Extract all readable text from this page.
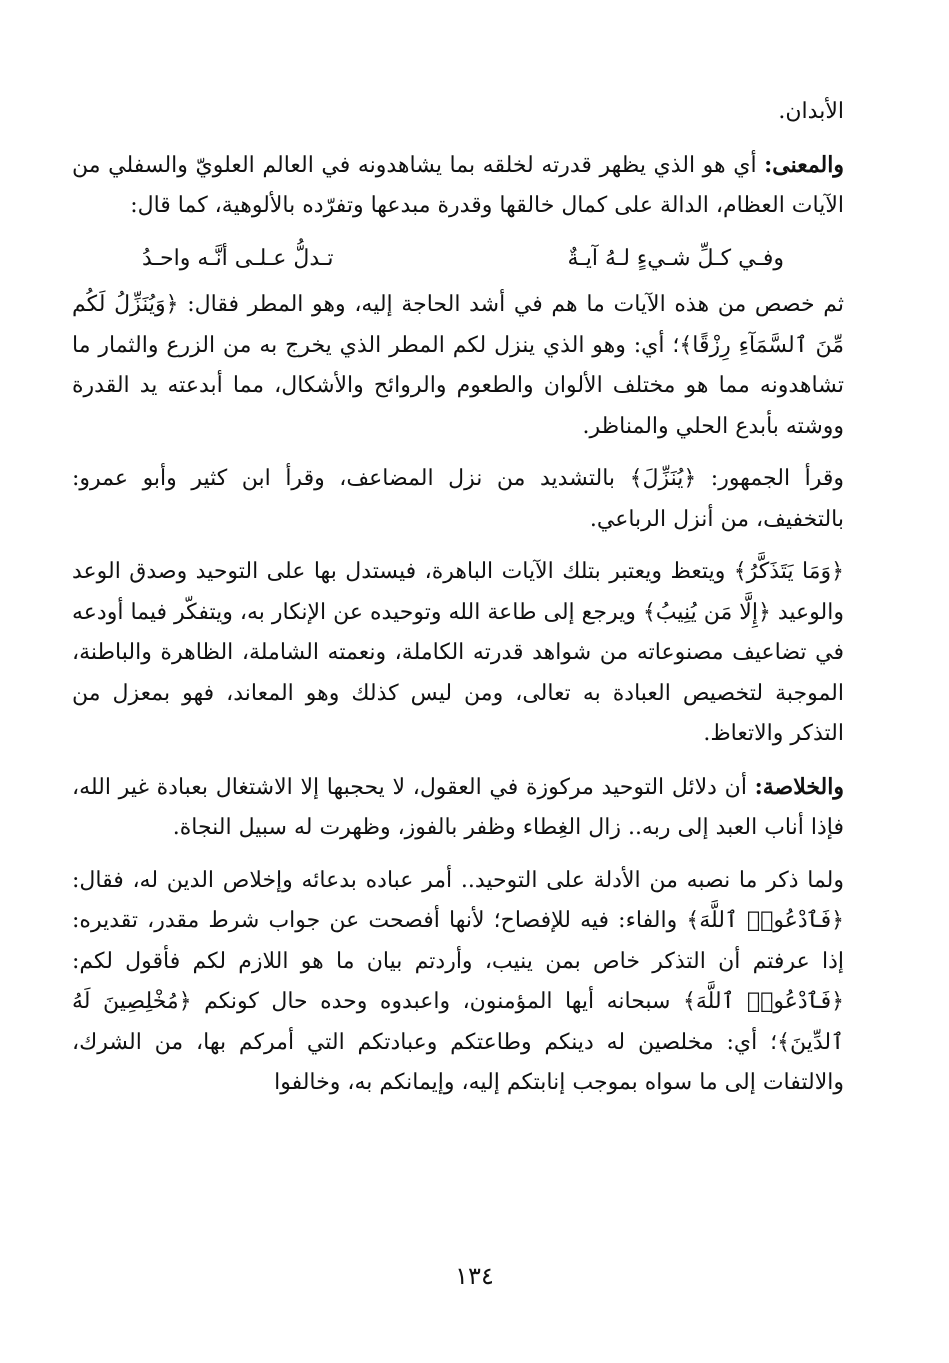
الأبدان.

والمعنى: أي هو الذي يظهر قدرته لخلقه بما يشاهدونه في العالم العلويّ والسفلي من الآيات العظام، الدالة على كمال خالقها وقدرة مبدعها وتفرّده بالألوهية، كما قال:

وفـي كـلِّ شـيءٍ لـهُ آيـةٌ
تـدلُّ عـلـى أنَّـه واحـدُ

ثم خصص من هذه الآيات ما هم في أشد الحاجة إليه، وهو المطر فقال: ﴿وَيُنَزِّلُ لَكُم مِّنَ ٱلسَّمَآءِ رِزْقًا﴾؛ أي: وهو الذي ينزل لكم المطر الذي يخرج به من الزرع والثمار ما تشاهدونه مما هو مختلف الألوان والطعوم والروائح والأشكال، مما أبدعته يد القدرة ووشته بأبدع الحلي والمناظر.

وقرأ الجمهور: ﴿يُنَزِّلَ﴾ بالتشديد من نزل المضاعف، وقرأ ابن كثير وأبو عمرو: بالتخفيف، من أنزل الرباعي.

﴿وَمَا يَتَذَكَّرُ﴾ ويتعظ ويعتبر بتلك الآيات الباهرة، فيستدل بها على التوحيد وصدق الوعد والوعيد ﴿إِلَّا مَن يُنِيبُ﴾ ويرجع إلى طاعة الله وتوحيده عن الإنكار به، ويتفكّر فيما أودعه في تضاعيف مصنوعاته من شواهد قدرته الكاملة، ونعمته الشاملة، الظاهرة والباطنة، الموجبة لتخصيص العبادة به تعالى، ومن ليس كذلك وهو المعاند، فهو بمعزل من التذكر والاتعاظ.

والخلاصة: أن دلائل التوحيد مركوزة في العقول، لا يحجبها إلا الاشتغال بعبادة غير الله، فإذا أناب العبد إلى ربه.. زال الغِطاء وظفر بالفوز، وظهرت له سبيل النجاة.

ولما ذكر ما نصبه من الأدلة على التوحيد.. أمر عباده بدعائه وإخلاص الدين له، فقال: ﴿فَٱدْعُوا۟ ٱللَّهَ﴾ والفاء: فيه للإفصاح؛ لأنها أفصحت عن جواب شرط مقدر، تقديره: إذا عرفتم أن التذكر خاص بمن ينيب، وأردتم بيان ما هو اللازم لكم فأقول لكم: ﴿فَٱدْعُوا۟ ٱللَّهَ﴾ سبحانه أيها المؤمنون، واعبدوه وحده حال كونكم ﴿مُخْلِصِينَ لَهُ ٱلدِّينَ﴾؛ أي: مخلصين له دينكم وطاعتكم وعبادتكم التي أمركم بها، من الشرك، والالتفات إلى ما سواه بموجب إنابتكم إليه، وإيمانكم به، وخالفوا

١٣٤
